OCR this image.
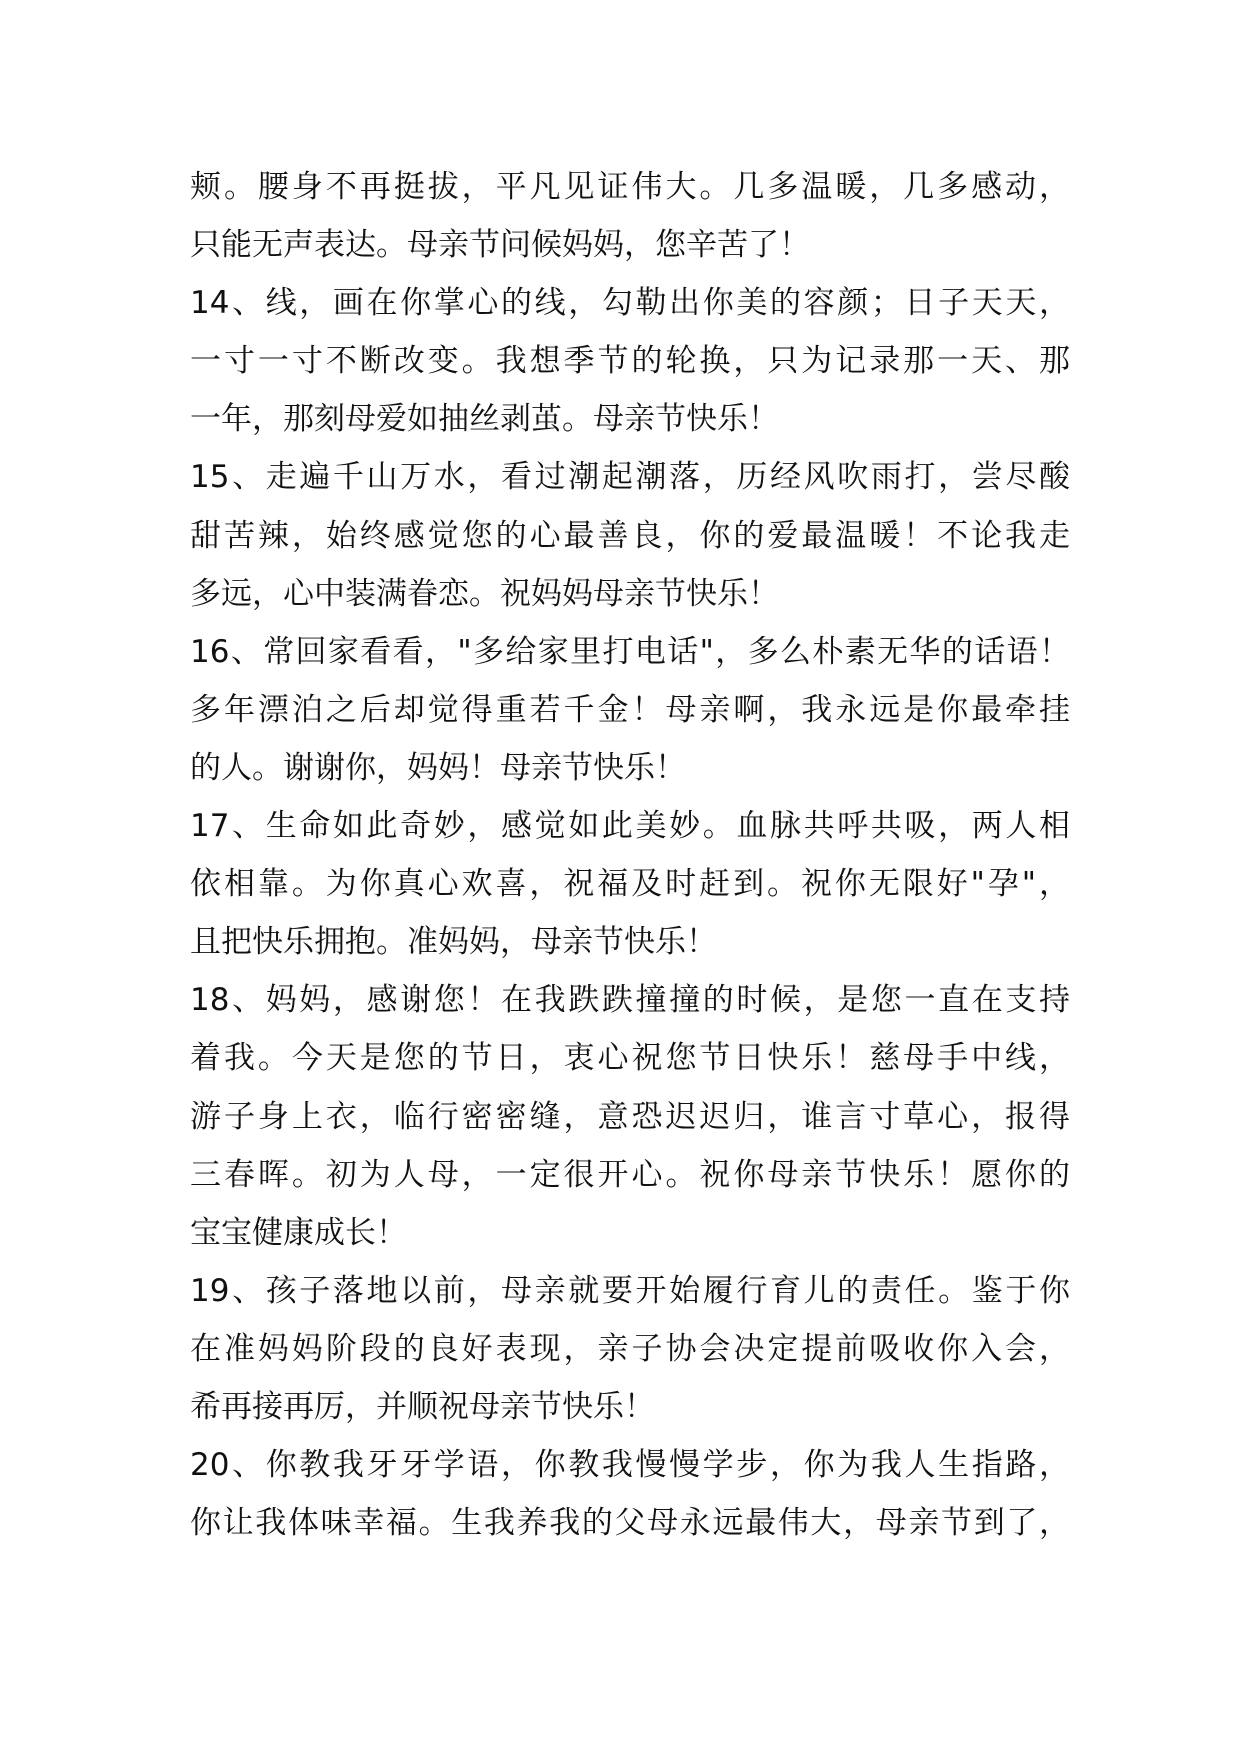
颊。腰身不再挺拔，平凡见证伟大。几多温暖，几多感动，
只能无声表达。母亲节问候妈妈，您辛苦了！
14、线，画在你掌心的线，勾勒出你美的容颜；日子天天，
一寸一寸不断改变。我想季节的轮换，只为记录那一天、那
一年，那刻母爱如抽丝剥茧。母亲节快乐！
15、走遍千山万水，看过潮起潮落，历经风吹雨打，尝尽酸
甜苦辣，始终感觉您的心最善良，你的爱最温暖！不论我走
多远，心中装满眷恋。祝妈妈母亲节快乐！
16、常回家看看，"多给家里打电话"，多么朴素无华的话语！
多年漂泊之后却觉得重若千金！母亲啊，我永远是你最牵挂
的人。谢谢你，妈妈！母亲节快乐！
17、生命如此奇妙，感觉如此美妙。血脉共呼共吸，两人相
依相靠。为你真心欢喜，祝福及时赶到。祝你无限好"孕"，
且把快乐拥抱。准妈妈，母亲节快乐！
18、妈妈，感谢您！在我跌跌撞撞的时候，是您一直在支持
着我。今天是您的节日，衷心祝您节日快乐！慈母手中线，
游子身上衣，临行密密缝，意恐迟迟归，谁言寸草心，报得
三春晖。初为人母，一定很开心。祝你母亲节快乐！愿你的
宝宝健康成长！
19、孩子落地以前，母亲就要开始履行育儿的责任。鉴于你
在准妈妈阶段的良好表现，亲子协会决定提前吸收你入会，
希再接再厉，并顺祝母亲节快乐！
20、你教我牙牙学语，你教我慢慢学步，你为我人生指路，
你让我体味幸福。生我养我的父母永远最伟大，母亲节到了，
